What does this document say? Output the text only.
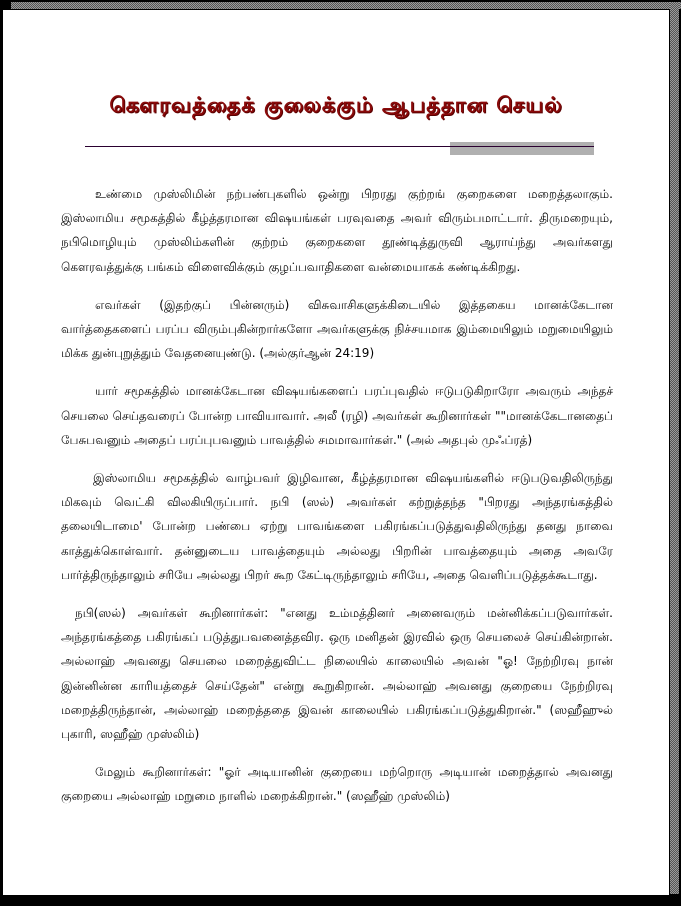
கௌரவத்தைக் குலைக்கும் ஆபத்தான செயல்

உண்மை முஸ்லிமின் நற்பண்புகளில் ஒன்று பிறரது குற்றங் குறைகளை மறைத்தலாகும். இஸ்லாமிய சமூகத்தில் கீழ்த்தரமான விஷயங்கள் பரவுவதை அவர் விரும்பமாட்டார். திருமறையும், நபிமொழியும் முஸ்லிம்களின் குற்றம் குறைகளை தூண்டித்துருவி ஆராய்ந்து அவர்களது கௌரவத்துக்கு பங்கம் விளைவிக்கும் குழப்பவாதிகளை வன்மையாகக் கண்டிக்கிறது.

எவர்கள் (இதற்குப் பின்னரும்) விசுவாசிகளுக்கிடையில் இத்தகைய மானக்கேடான வார்த்தைகளைப் பரப்ப விரும்புகின்றார்களோ அவர்களுக்கு நிச்சயமாக இம்மையிலும் மறுமையிலும் மிக்க துன்புறுத்தும் வேதனையுண்டு. (அல்குர்ஆன் 24:19)

யார் சமூகத்தில் மானக்கேடான விஷயங்களைப் பரப்புவதில் ஈடுபடுகிறாரோ அவரும் அந்தச் செயலை செய்தவரைப் போன்ற பாவியாவார். அலீ (ரழி) அவர்கள் கூறினார்கள் ""மானக்கேடானதைப் பேசுபவனும் அதைப் பரப்புபவனும் பாவத்தில் சமமாவார்கள்." (அல் அதபுல் முஃப்ரத்)

இஸ்லாமிய சமூகத்தில் வாழ்பவர் இழிவான, கீழ்த்தரமான விஷயங்களில் ஈடுபடுவதிலிருந்து மிகவும் வெட்கி விலகியிருப்பார். நபி (ஸல்) அவர்கள் கற்றுத்தந்த "பிறரது அந்தரங்கத்தில் தலையிடாமை' போன்ற பண்பை ஏற்று பாவங்களை பகிரங்கப்படுத்துவதிலிருந்து தனது நாவை காத்துக்கொள்வார். தன்னுடைய பாவத்தையும் அல்லது பிறரின் பாவத்தையும் அதை அவரே பார்த்திருந்தாலும் சரியே அல்லது பிறர் கூற கேட்டிருந்தாலும் சரியே, அதை வெளிப்படுத்தக்கூடாது.

நபி(ஸல்) அவர்கள் கூறினார்கள்: "எனது உம்மத்தினர் அனைவரும் மன்னிக்கப்படுவார்கள். அந்தரங்கத்தை பகிரங்கப் படுத்துபவனைத்தவிர. ஒரு மனிதன் இரவில் ஒரு செயலைச் செய்கின்றான். அல்லாஹ் அவனது செயலை மறைத்துவிட்ட நிலையில் காலையில் அவன் "ஓ! நேற்றிரவு நான் இன்னின்ன காரியத்தைச் செய்தேன்" என்று கூறுகிறான். அல்லாஹ் அவனது குறையை நேற்றிரவு மறைத்திருந்தான், அல்லாஹ் மறைத்ததை இவன் காலையில் பகிரங்கப்படுத்துகிறான்." (ஸஹீஹுல் புகாரி, ஸஹீஹ் முஸ்லிம்)

மேலும் கூறினார்கள்: "ஓர் அடியானின் குறையை மற்றொரு அடியான் மறைத்தால் அவனது குறையை அல்லாஹ் மறுமை நாளில் மறைக்கிறான்." (ஸஹீஹ் முஸ்லிம்)
